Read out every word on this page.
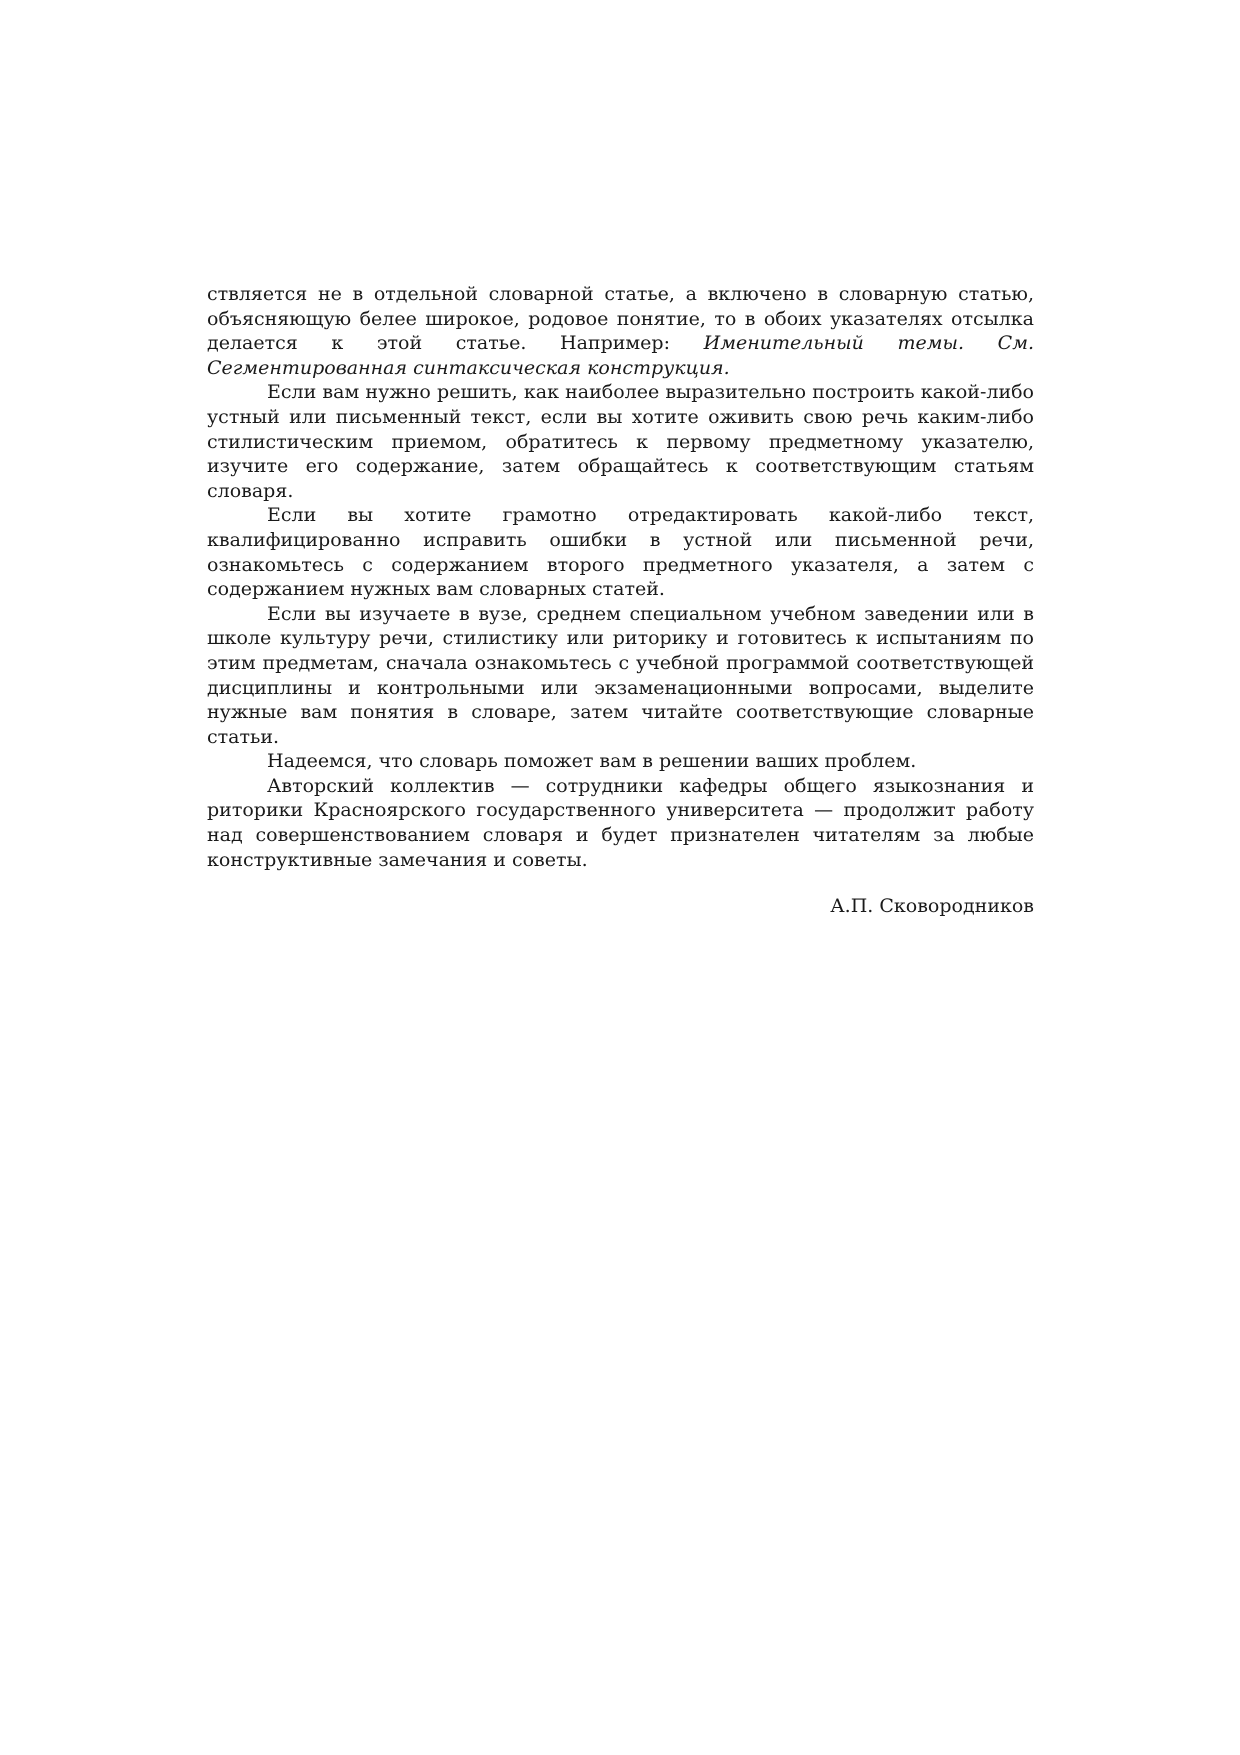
ствляется не в отдельной словарной статье, а включено в словарную статью, объясняющую белее широкое, родовое понятие, то в обоих указателях отсылка делается к этой статье. Например: Именительный темы. См. Сегментированная синтаксическая конструкция.

Если вам нужно решить, как наиболее выразительно построить какой-либо устный или письменный текст, если вы хотите оживить свою речь каким-либо стилистическим приемом, обратитесь к первому предметному указателю, изучите его содержание, затем обращайтесь к соответствующим статьям словаря.

Если вы хотите грамотно отредактировать какой-либо текст, квалифицированно исправить ошибки в устной или письменной речи, ознакомьтесь с содержанием второго предметного указателя, а затем с содержанием нужных вам словарных статей.

Если вы изучаете в вузе, среднем специальном учебном заведении или в школе культуру речи, стилистику или риторику и готовитесь к испытаниям по этим предметам, сначала ознакомьтесь с учебной программой соответствующей дисциплины и контрольными или экзаменационными вопросами, выделите нужные вам понятия в словаре, затем читайте соответствующие словарные статьи.

Надеемся, что словарь поможет вам в решении ваших проблем.

Авторский коллектив — сотрудники кафедры общего языкознания и риторики Красноярского государственного университета — продолжит работу над совершенствованием словаря и будет признателен читателям за любые конструктивные замечания и советы.

А.П. Сковородников
